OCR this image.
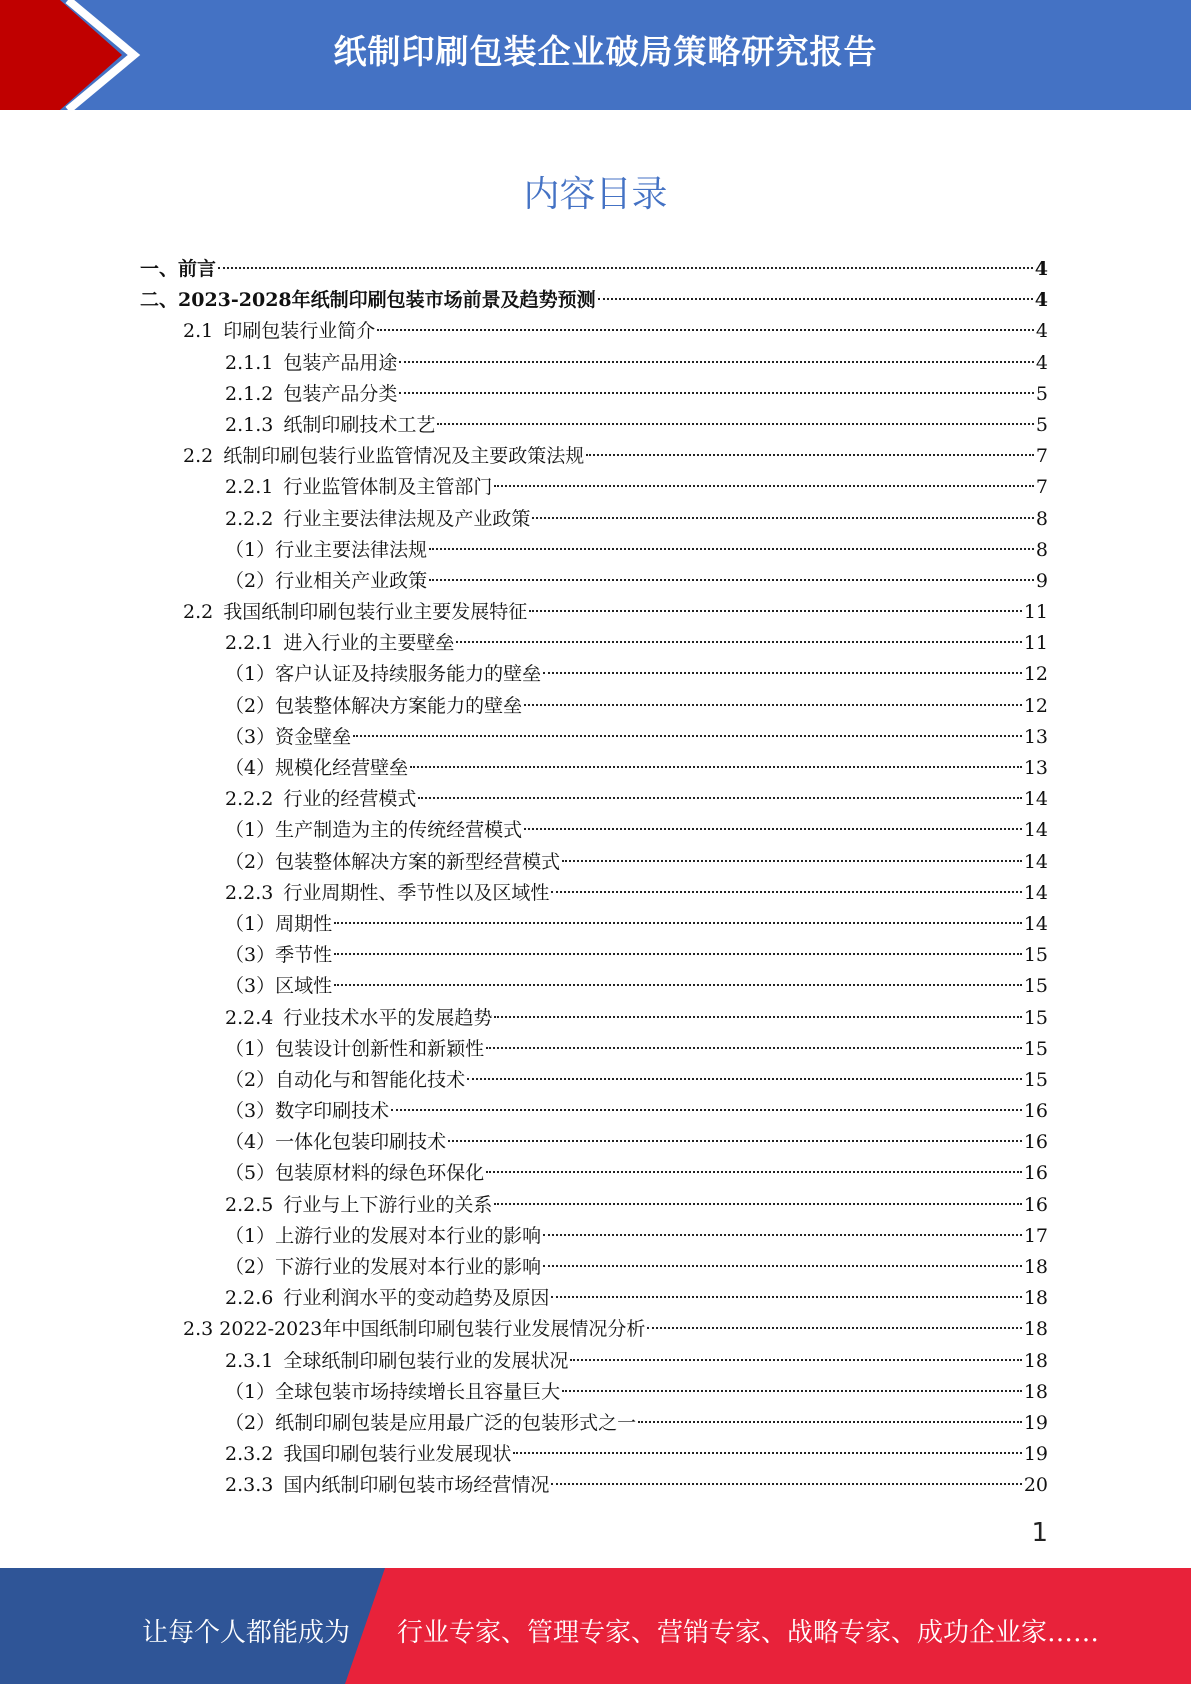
纸制印刷包装企业破局策略研究报告
内容目录
一、前言	4
二、2023-2028年纸制印刷包装市场前景及趋势预测	4
2.1 印刷包装行业简介	4
2.1.1 包装产品用途	4
2.1.2 包装产品分类	5
2.1.3 纸制印刷技术工艺	5
2.2 纸制印刷包装行业监管情况及主要政策法规	7
2.2.1 行业监管体制及主管部门	7
2.2.2 行业主要法律法规及产业政策	8
（1）行业主要法律法规	8
（2）行业相关产业政策	9
2.2 我国纸制印刷包装行业主要发展特征	11
2.2.1 进入行业的主要壁垒	11
（1）客户认证及持续服务能力的壁垒	12
（2）包装整体解决方案能力的壁垒	12
（3）资金壁垒	13
（4）规模化经营壁垒	13
2.2.2 行业的经营模式	14
（1）生产制造为主的传统经营模式	14
（2）包装整体解决方案的新型经营模式	14
2.2.3 行业周期性、季节性以及区域性	14
（1）周期性	14
（3）季节性	15
（3）区域性	15
2.2.4 行业技术水平的发展趋势	15
（1）包装设计创新性和新颖性	15
（2）自动化与和智能化技术	15
（3）数字印刷技术	16
（4）一体化包装印刷技术	16
（5）包装原材料的绿色环保化	16
2.2.5 行业与上下游行业的关系	16
（1）上游行业的发展对本行业的影响	17
（2）下游行业的发展对本行业的影响	18
2.2.6 行业利润水平的变动趋势及原因	18
2.3 2022-2023年中国纸制印刷包装行业发展情况分析	18
2.3.1 全球纸制印刷包装行业的发展状况	18
（1）全球包装市场持续增长且容量巨大	18
（2）纸制印刷包装是应用最广泛的包装形式之一	19
2.3.2 我国印刷包装行业发展现状	19
2.3.3 国内纸制印刷包装市场经营情况	20
1
让每个人都能成为 行业专家、管理专家、营销专家、战略专家、成功企业家……
